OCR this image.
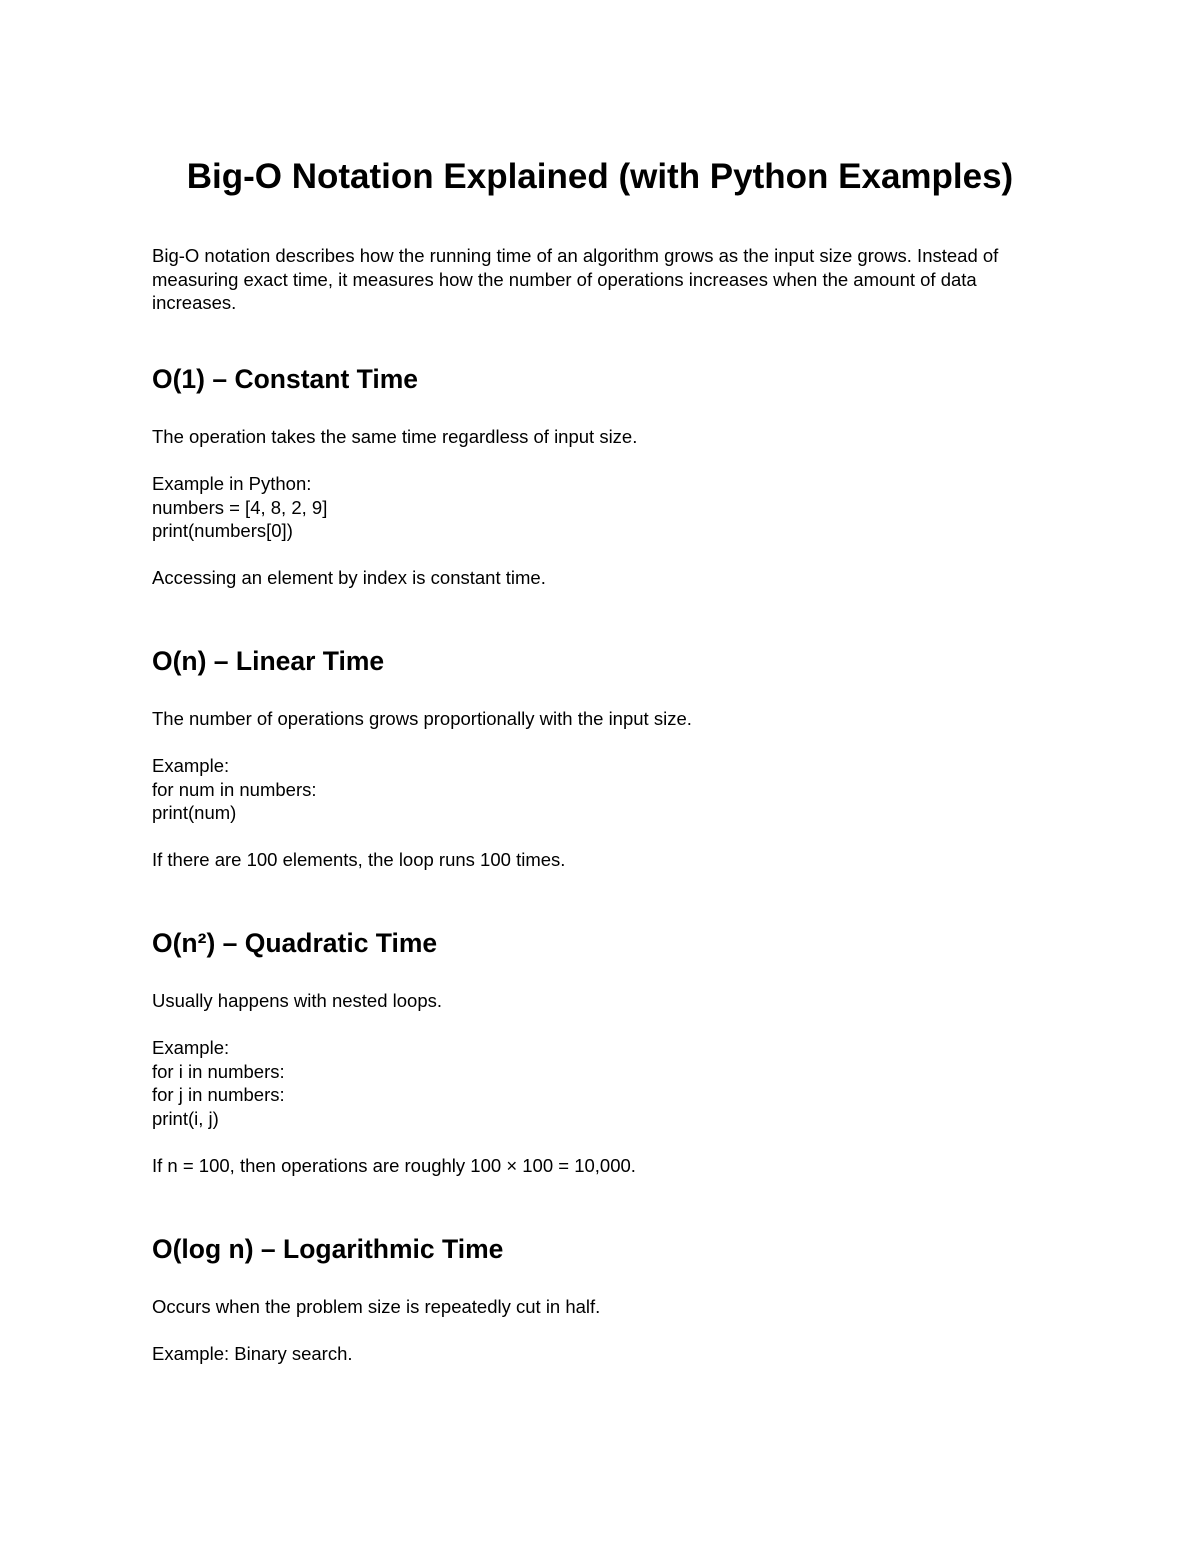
Big-O Notation Explained (with Python Examples)

Big-O notation describes how the running time of an algorithm grows as the input size grows. Instead of measuring exact time, it measures how the number of operations increases when the amount of data increases.

O(1) – Constant Time

The operation takes the same time regardless of input size.

Example in Python:

numbers = [4, 8, 2, 9]
print(numbers[0])

Accessing an element by index is constant time.

O(n) – Linear Time

The number of operations grows proportionally with the input size.

Example:

for num in numbers:
print(num)

If there are 100 elements, the loop runs 100 times.

O(n²) – Quadratic Time

Usually happens with nested loops.

Example:

for i in numbers:
for j in numbers:
print(i, j)

If n = 100, then operations are roughly 100 × 100 = 10,000.

O(log n) – Logarithmic Time

Occurs when the problem size is repeatedly cut in half.

Example: Binary search.
